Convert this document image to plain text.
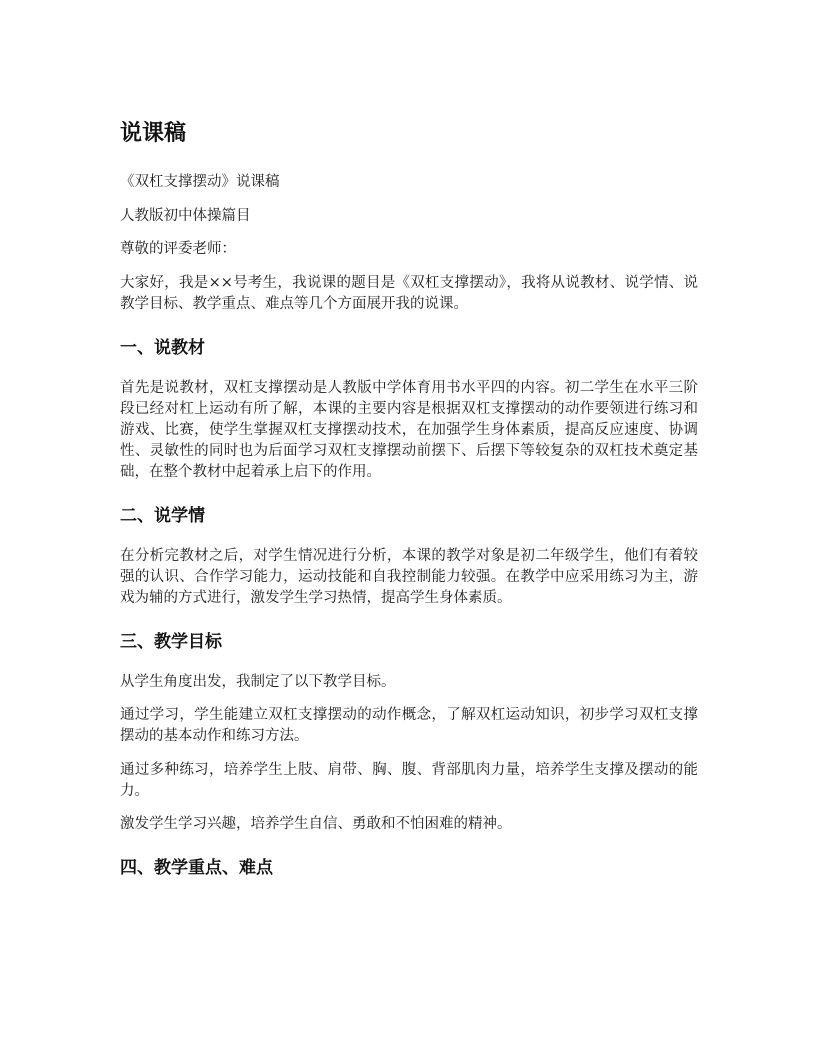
说课稿

《双杠支撑摆动》说课稿

人教版初中体操篇目

尊敬的评委老师：

大家好，我是××号考生，我说课的题目是《双杠支撑摆动》，我将从说教材、说学情、说教学目标、教学重点、难点等几个方面展开我的说课。

一、说教材

首先是说教材，双杠支撑摆动是人教版中学体育用书水平四的内容。初二学生在水平三阶段已经对杠上运动有所了解，本课的主要内容是根据双杠支撑摆动的动作要领进行练习和游戏、比赛，使学生掌握双杠支撑摆动技术，在加强学生身体素质，提高反应速度、协调性、灵敏性的同时也为后面学习双杠支撑摆动前摆下、后摆下等较复杂的双杠技术奠定基础，在整个教材中起着承上启下的作用。

二、说学情

在分析完教材之后，对学生情况进行分析，本课的教学对象是初二年级学生，他们有着较强的认识、合作学习能力，运动技能和自我控制能力较强。在教学中应采用练习为主，游戏为辅的方式进行，激发学生学习热情，提高学生身体素质。

三、教学目标

从学生角度出发，我制定了以下教学目标。

通过学习，学生能建立双杠支撑摆动的动作概念，了解双杠运动知识，初步学习双杠支撑摆动的基本动作和练习方法。

通过多种练习，培养学生上肢、肩带、胸、腹、背部肌肉力量，培养学生支撑及摆动的能力。

激发学生学习兴趣，培养学生自信、勇敢和不怕困难的精神。

四、教学重点、难点
